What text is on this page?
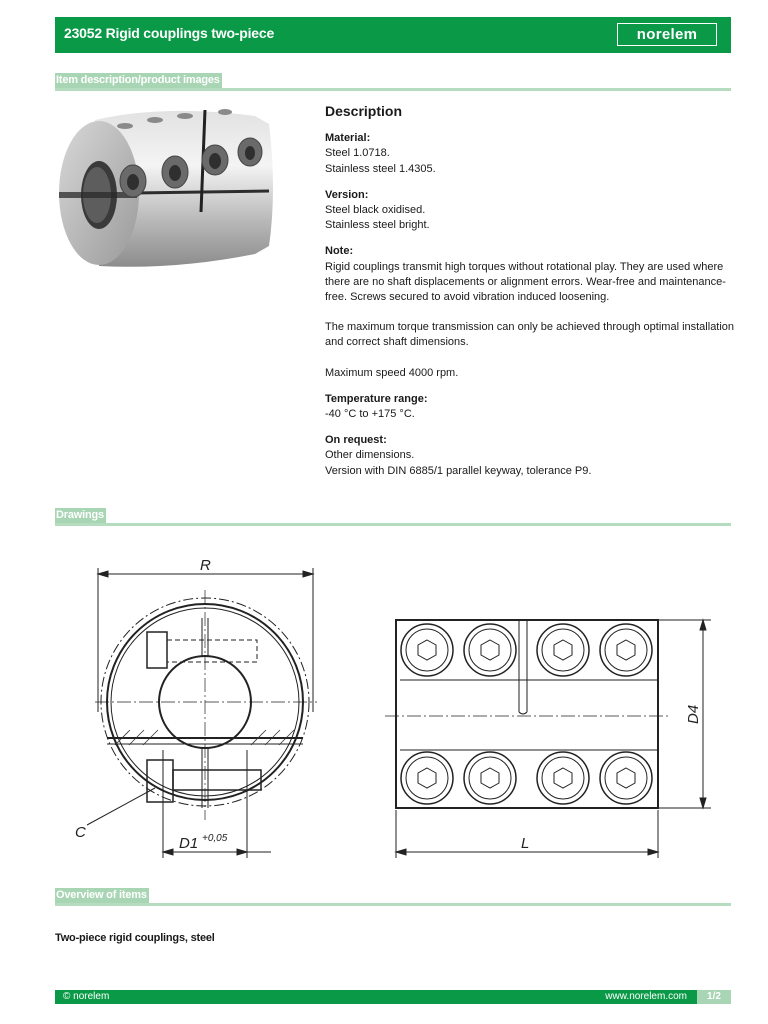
23052 Rigid couplings two-piece	norelem
Item description/product images
Description
Material:
Steel 1.0718.
Stainless steel 1.4305.
Version:
Steel black oxidised.
Stainless steel bright.
Note:
Rigid couplings transmit high torques without rotational play. They are used where there are no shaft displacements or alignment errors. Wear-free and maintenance-free. Screws secured to avoid vibration induced loosening.
The maximum torque transmission can only be achieved through optimal installation and correct shaft dimensions.
Maximum speed 4000 rpm.
Temperature range:
-40 °C to +175 °C.
On request:
Other dimensions.
Version with DIN 6885/1 parallel keyway, tolerance P9.
Drawings
R
C
D1 +0,05	L
D4
Overview of items
Two-piece rigid couplings, steel
© norelem	www.norelem.com	1/2
